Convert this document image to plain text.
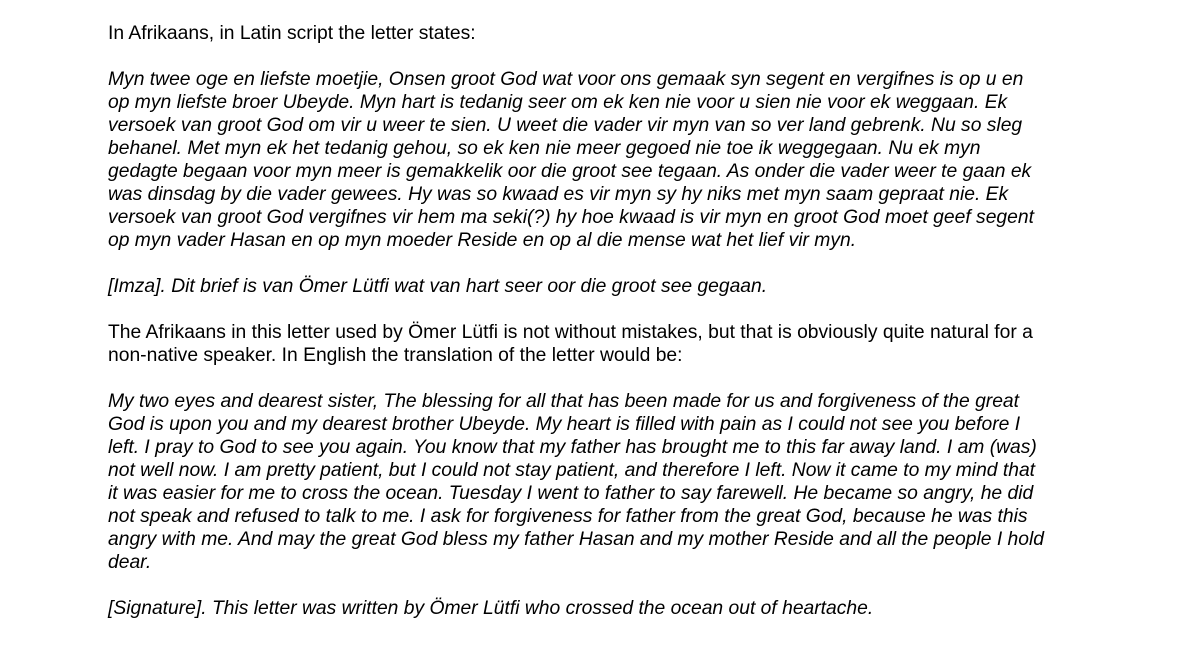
In Afrikaans, in Latin script the letter states:

Myn twee oge en liefste moetjie, Onsen groot God wat voor ons gemaak syn segent en vergifnes is op u en
op myn liefste broer Ubeyde. Myn hart is tedanig seer om ek ken nie voor u sien nie voor ek weggaan. Ek
versoek van groot God om vir u weer te sien. U weet die vader vir myn van so ver land gebrenk. Nu so sleg
behanel. Met myn ek het tedanig gehou, so ek ken nie meer gegoed nie toe ik weggegaan. Nu ek myn
gedagte begaan voor myn meer is gemakkelik oor die groot see tegaan. As onder die vader weer te gaan ek
was dinsdag by die vader gewees. Hy was so kwaad es vir myn sy hy niks met myn saam gepraat nie. Ek
versoek van groot God vergifnes vir hem ma seki(?) hy hoe kwaad is vir myn en groot God moet geef segent
op myn vader Hasan en op myn moeder Reside en op al die mense wat het lief vir myn.

[Imza]. Dit brief is van Ömer Lütfi wat van hart seer oor die groot see gegaan.

The Afrikaans in this letter used by Ömer Lütfi is not without mistakes, but that is obviously quite natural for a
non-native speaker. In English the translation of the letter would be:

My two eyes and dearest sister, The blessing for all that has been made for us and forgiveness of the great
God is upon you and my dearest brother Ubeyde. My heart is filled with pain as I could not see you before I
left. I pray to God to see you again. You know that my father has brought me to this far away land. I am (was)
not well now. I am pretty patient, but I could not stay patient, and therefore I left. Now it came to my mind that
it was easier for me to cross the ocean. Tuesday I went to father to say farewell. He became so angry, he did
not speak and refused to talk to me. I ask for forgiveness for father from the great God, because he was this
angry with me. And may the great God bless my father Hasan and my mother Reside and all the people I hold
dear.

[Signature]. This letter was written by Ömer Lütfi who crossed the ocean out of heartache.
